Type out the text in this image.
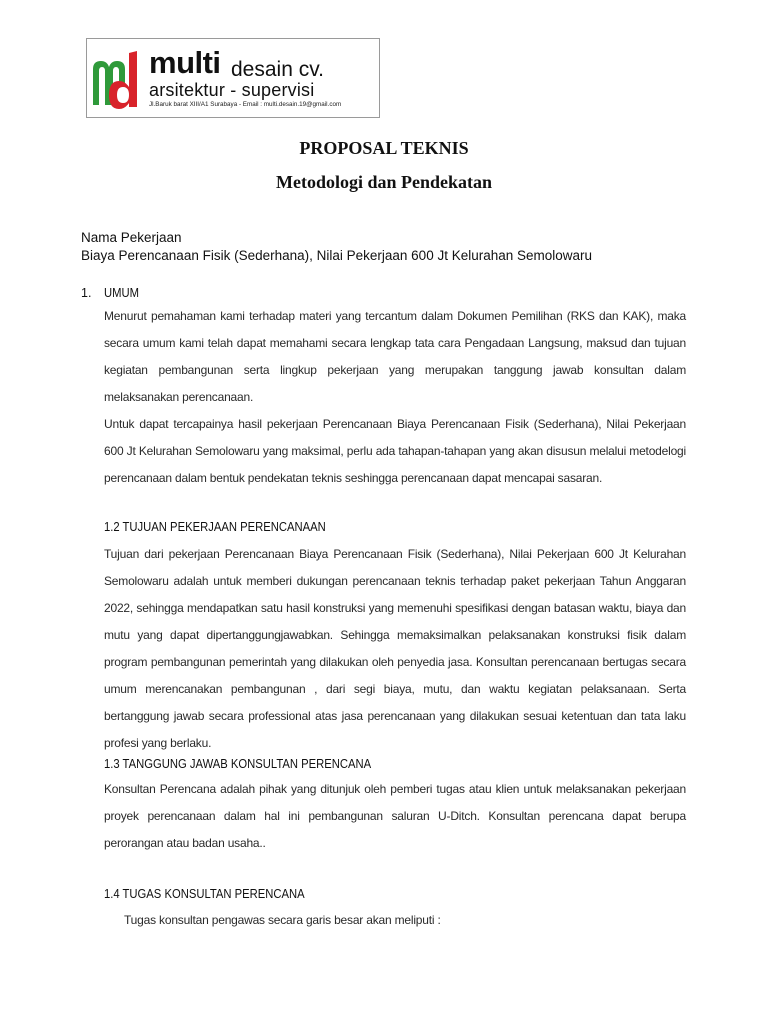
multi desain cv.
arsitektur - supervisi
Jl.Baruk barat XIII/A1 Surabaya - Email : multi.desain.19@gmail.com
PROPOSAL TEKNIS
Metodologi dan Pendekatan
Nama Pekerjaan
Biaya Perencanaan Fisik (Sederhana), Nilai Pekerjaan 600 Jt Kelurahan Semolowaru
1. UMUM
Menurut pemahaman kami terhadap materi yang tercantum dalam Dokumen Pemilihan (RKS dan KAK), maka secara umum kami telah dapat memahami secara lengkap tata cara Pengadaan Langsung, maksud dan tujuan kegiatan pembangunan serta lingkup pekerjaan yang merupakan tanggung jawab konsultan dalam melaksanakan perencanaan.
Untuk dapat tercapainya hasil pekerjaan Perencanaan Biaya Perencanaan Fisik (Sederhana), Nilai Pekerjaan 600 Jt Kelurahan Semolowaru yang maksimal, perlu ada tahapan-tahapan yang akan disusun melalui metodelogi perencanaan dalam bentuk pendekatan teknis seshingga perencanaan dapat mencapai sasaran.
1.2 TUJUAN PEKERJAAN PERENCANAAN
Tujuan dari pekerjaan Perencanaan Biaya Perencanaan Fisik (Sederhana), Nilai Pekerjaan 600 Jt Kelurahan Semolowaru adalah untuk memberi dukungan perencanaan teknis terhadap paket pekerjaan Tahun Anggaran 2022, sehingga mendapatkan satu hasil konstruksi yang memenuhi spesifikasi dengan batasan waktu, biaya dan mutu yang dapat dipertanggungjawabkan. Sehingga memaksimalkan pelaksanakan konstruksi fisik dalam program pembangunan pemerintah yang dilakukan oleh penyedia jasa. Konsultan perencanaan bertugas secara umum merencanakan pembangunan , dari segi biaya, mutu, dan waktu kegiatan pelaksanaan. Serta bertanggung jawab secara professional atas jasa perencanaan yang dilakukan sesuai ketentuan dan tata laku profesi yang berlaku.
1.3 TANGGUNG JAWAB KONSULTAN PERENCANA
Konsultan Perencana adalah pihak yang ditunjuk oleh pemberi tugas atau klien untuk melaksanakan pekerjaan proyek perencanaan dalam hal ini pembangunan saluran U-Ditch. Konsultan perencana dapat berupa perorangan atau badan usaha..
1.4 TUGAS KONSULTAN PERENCANA
Tugas konsultan pengawas secara garis besar akan meliputi :
